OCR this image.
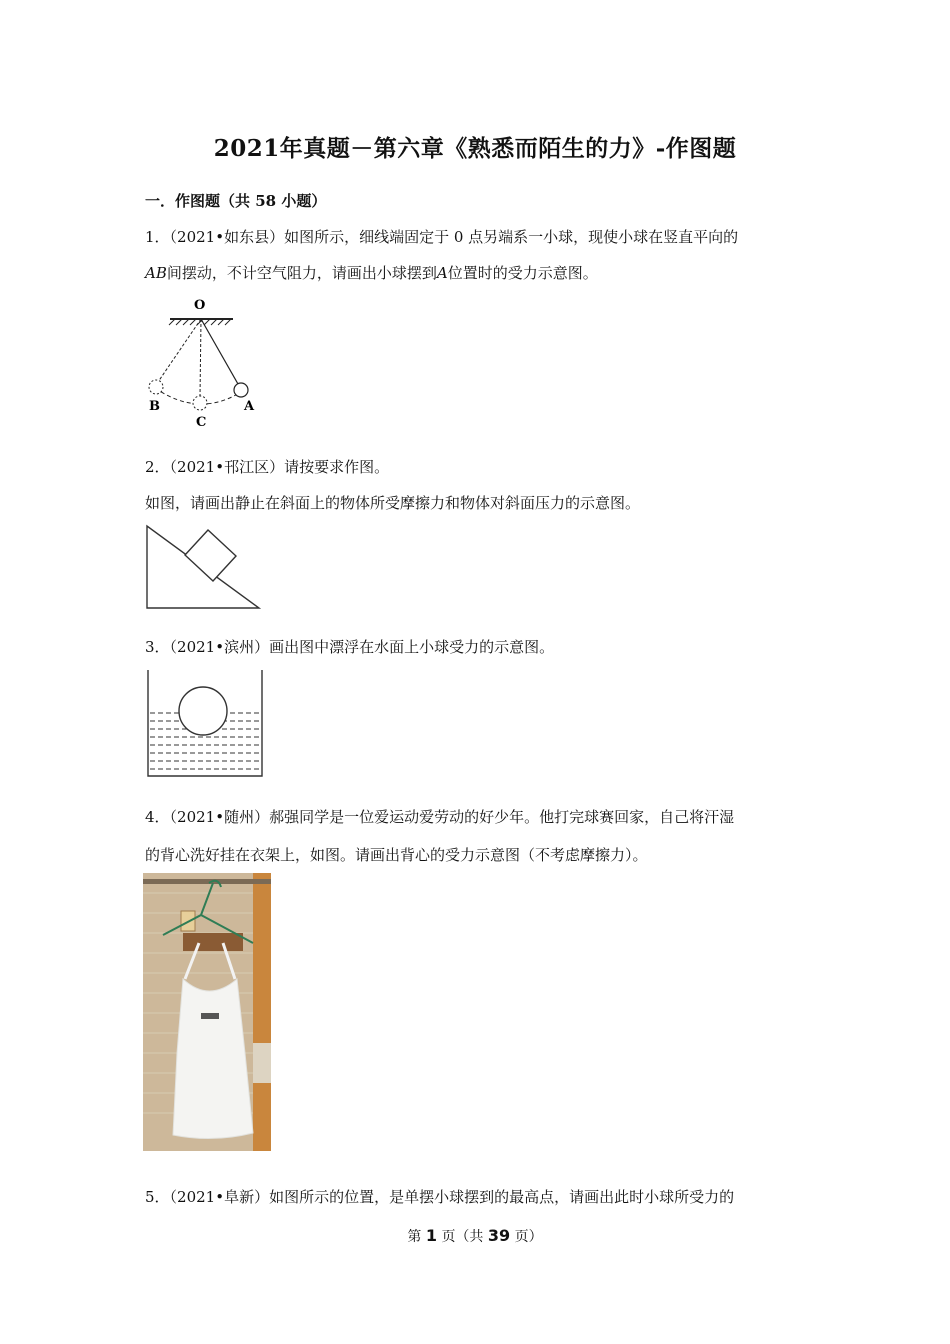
2021年真题－第六章《熟悉而陌生的力》-作图题
一．作图题（共 58 小题）
1．（2021•如东县）如图所示，细线端固定于 0 点另端系一小球，现使小球在竖直平向的
AB间摆动，不计空气阻力，请画出小球摆到A位置时的受力示意图。
O
A
B
C
2．（2021•邗江区）请按要求作图。
如图，请画出静止在斜面上的物体所受摩擦力和物体对斜面压力的示意图。
3．（2021•滨州）画出图中漂浮在水面上小球受力的示意图。
4．（2021•随州）郝强同学是一位爱运动爱劳动的好少年。他打完球赛回家，自己将汗湿
的背心洗好挂在衣架上，如图。请画出背心的受力示意图（不考虑摩擦力）。
5．（2021•阜新）如图所示的位置，是单摆小球摆到的最高点，请画出此时小球所受力的
第 1 页（共 39 页）
